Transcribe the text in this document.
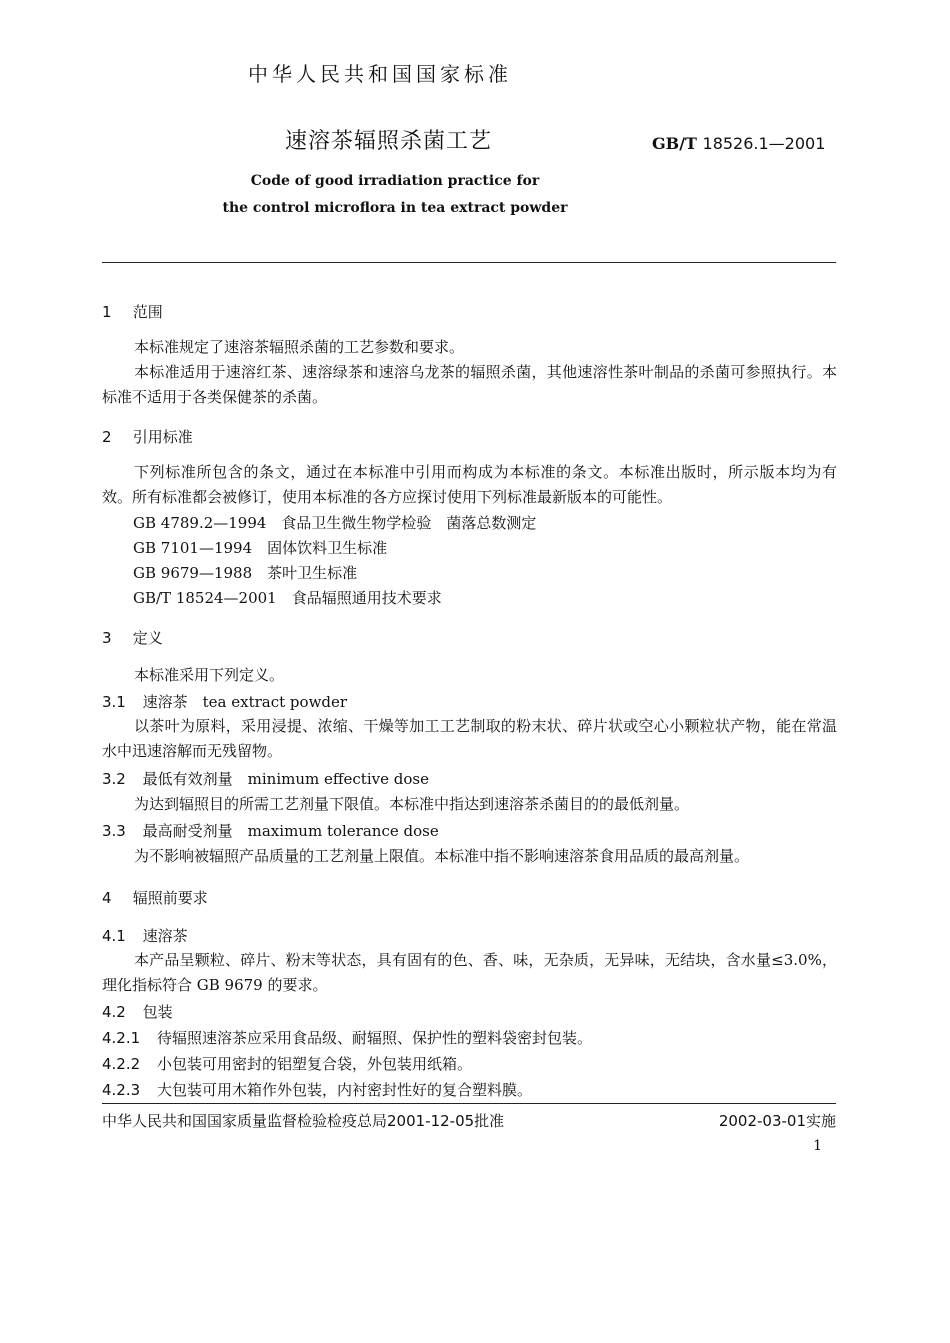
中华人民共和国国家标准
速溶茶辐照杀菌工艺	GB/T 18526.1—2001
Code of good irradiation practice for
the control microflora in tea extract powder
1 范围
本标准规定了速溶茶辐照杀菌的工艺参数和要求。
本标准适用于速溶红茶、速溶绿茶和速溶乌龙茶的辐照杀菌，其他速溶性茶叶制品的杀菌可参照执行。本标准不适用于各类保健茶的杀菌。
2 引用标准
下列标准所包含的条文，通过在本标准中引用而构成为本标准的条文。本标准出版时，所示版本均为有效。所有标准都会被修订，使用本标准的各方应探讨使用下列标准最新版本的可能性。
GB 4789.2—1994　食品卫生微生物学检验　菌落总数测定
GB 7101—1994　固体饮料卫生标准
GB 9679—1988　茶叶卫生标准
GB/T 18524—2001　食品辐照通用技术要求
3 定义
本标准采用下列定义。
3.1 速溶茶　tea extract powder
以茶叶为原料，采用浸提、浓缩、干燥等加工工艺制取的粉末状、碎片状或空心小颗粒状产物，能在常温水中迅速溶解而无残留物。
3.2 最低有效剂量　minimum effective dose
为达到辐照目的所需工艺剂量下限值。本标准中指达到速溶茶杀菌目的的最低剂量。
3.3 最高耐受剂量　maximum tolerance dose
为不影响被辐照产品质量的工艺剂量上限值。本标准中指不影响速溶茶食用品质的最高剂量。
4 辐照前要求
4.1 速溶茶
本产品呈颗粒、碎片、粉末等状态，具有固有的色、香、味，无杂质，无异味，无结块，含水量≤3.0%，理化指标符合 GB 9679 的要求。
4.2 包装
4.2.1 待辐照速溶茶应采用食品级、耐辐照、保护性的塑料袋密封包装。
4.2.2 小包装可用密封的铝塑复合袋，外包装用纸箱。
4.2.3 大包装可用木箱作外包装，内衬密封性好的复合塑料膜。
中华人民共和国国家质量监督检验检疫总局2001-12-05批准	2002-03-01实施
1
